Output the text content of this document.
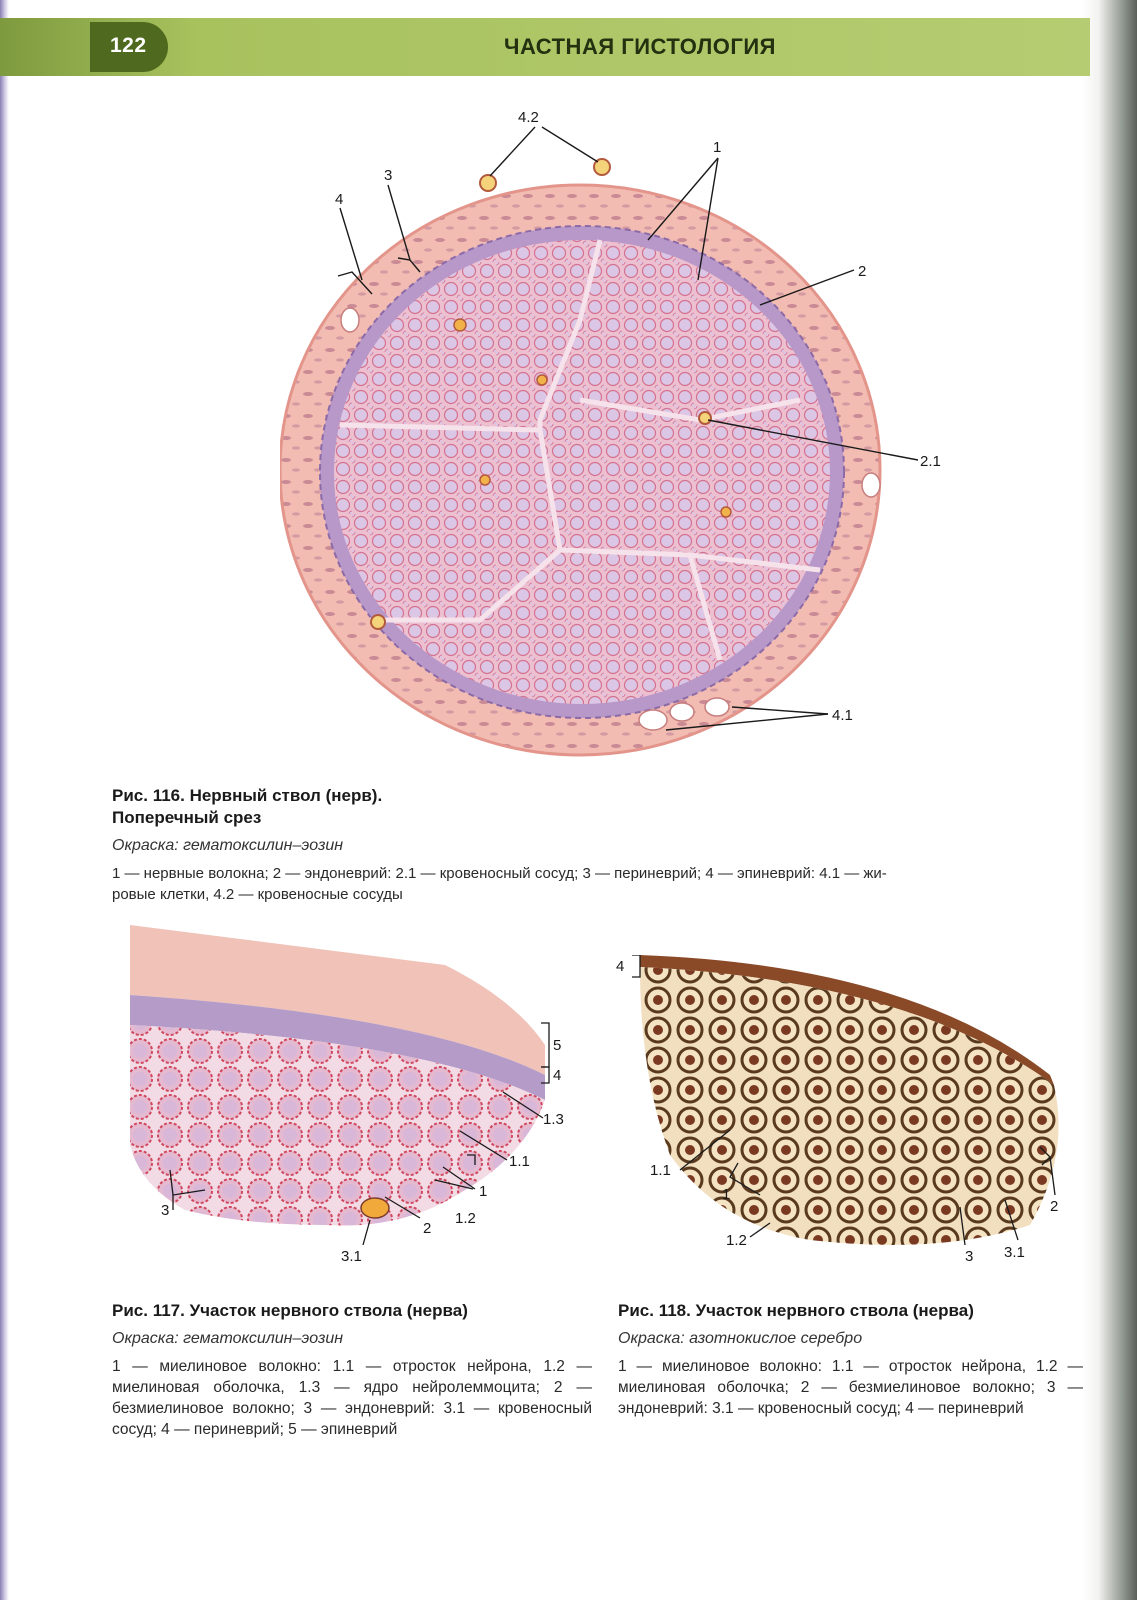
122	ЧАСТНАЯ ГИСТОЛОГИЯ
4.2
1
3
4
2
2.1
4.1
Рис. 116. Нервный ствол (нерв).
Поперечный срез
Окраска: гематоксилин–эозин
1 — нервные волокна; 2 — эндоневрий: 2.1 — кровеносный сосуд; 3 — периневрий; 4 — эпиневрий: 4.1 — жи-
ровые клетки, 4.2 — кровеносные сосуды
5
4
1.3
1.1
1
1.2
2
3
3.1
Рис. 117. Участок нервного ствола (нерва)
Окраска: гематоксилин–эозин
1 — миелиновое волокно: 1.1 — отросток нейрона, 1.2 — миелиновая оболочка, 1.3 — ядро нейролеммоцита; 2 — безмиелиновое волокно; 3 — эндоневрий: 3.1 — кровеносный сосуд; 4 — периневрий; 5 — эпиневрий
4
1.1
1
1.2
2
3 3.1
Рис. 118. Участок нервного ствола (нерва)
Окраска: азотнокислое серебро
1 — миелиновое волокно: 1.1 — отросток нейрона, 1.2 — миелиновая оболочка; 2 — безмиелиновое волокно; 3 — эндоневрий: 3.1 — кровеносный сосуд; 4 — периневрий
